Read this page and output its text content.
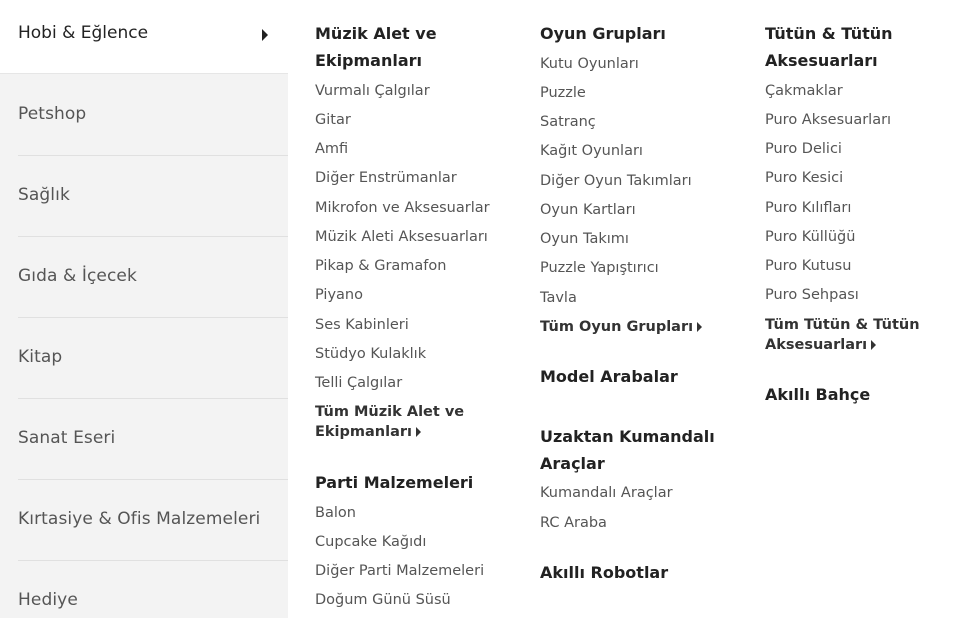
Hobi & Eğlence
Petshop
Sağlık
Gıda & İçecek
Kitap
Sanat Eseri
Kırtasiye & Ofis Malzemeleri
Hediye
Müzik Alet ve
Ekipmanları
Vurmalı Çalgılar
Gitar
Amfi
Diğer Enstrümanlar
Mikrofon ve Aksesuarlar
Müzik Aleti Aksesuarları
Pikap & Gramafon
Piyano
Ses Kabinleri
Stüdyo Kulaklık
Telli Çalgılar
Tüm Müzik Alet ve
Ekipmanları
Parti Malzemeleri
Balon
Cupcake Kağıdı
Diğer Parti Malzemeleri
Doğum Günü Süsü
Oyun Grupları
Kutu Oyunları
Puzzle
Satranç
Kağıt Oyunları
Diğer Oyun Takımları
Oyun Kartları
Oyun Takımı
Puzzle Yapıştırıcı
Tavla
Tüm Oyun Grupları
Model Arabalar
Uzaktan Kumandalı
Araçlar
Kumandalı Araçlar
RC Araba
Akıllı Robotlar
Tütün & Tütün
Aksesuarları
Çakmaklar
Puro Aksesuarları
Puro Delici
Puro Kesici
Puro Kılıfları
Puro Küllüğü
Puro Kutusu
Puro Sehpası
Tüm Tütün & Tütün
Aksesuarları
Akıllı Bahçe
